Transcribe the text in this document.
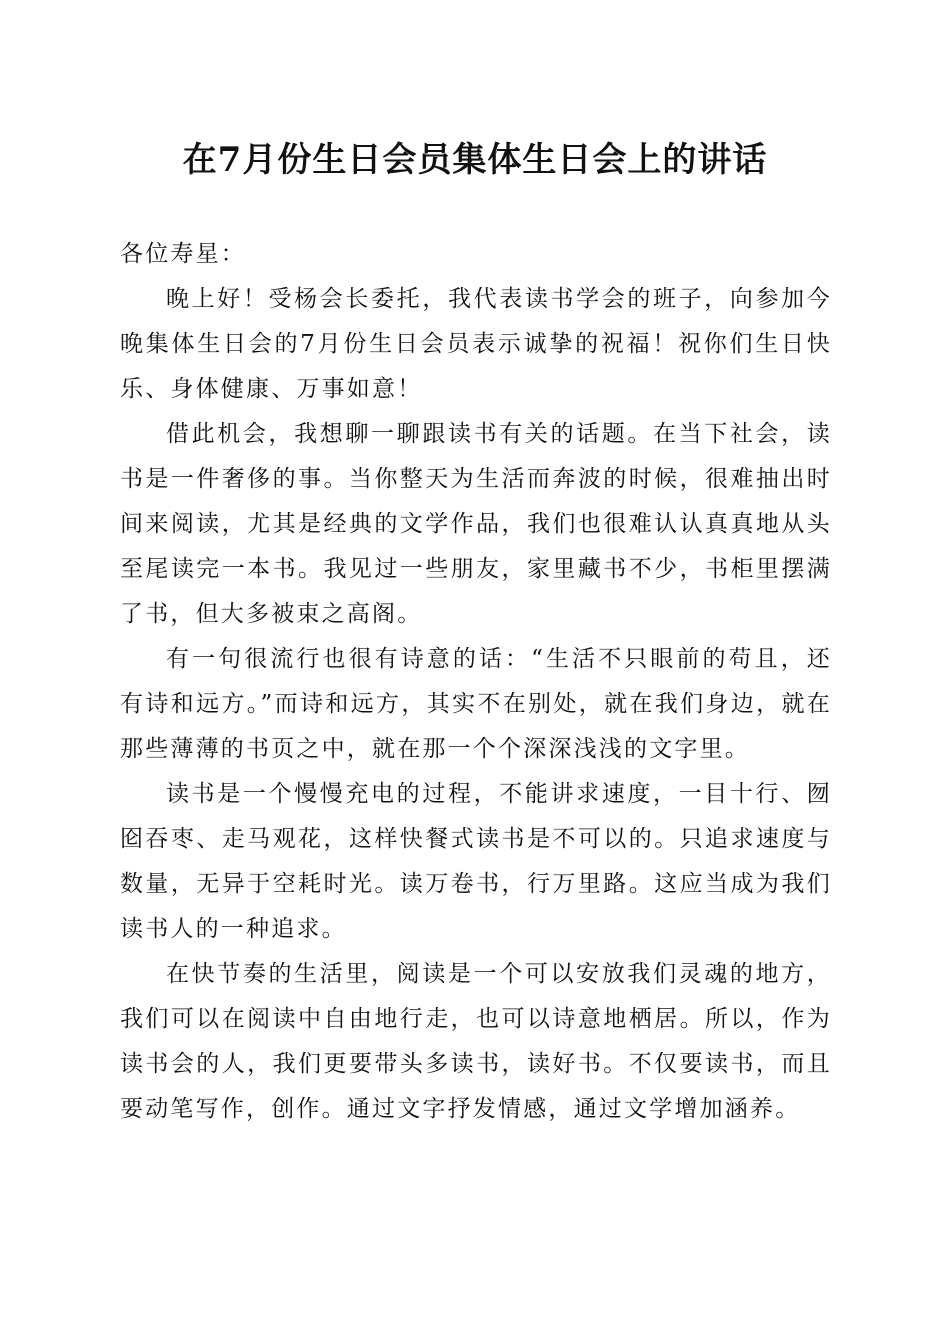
在7月份生日会员集体生日会上的讲话

各位寿星：

晚上好！受杨会长委托，我代表读书学会的班子，向参加今晚集体生日会的7月份生日会员表示诚挚的祝福！祝你们生日快乐、身体健康、万事如意！

借此机会，我想聊一聊跟读书有关的话题。在当下社会，读书是一件奢侈的事。当你整天为生活而奔波的时候，很难抽出时间来阅读，尤其是经典的文学作品，我们也很难认认真真地从头至尾读完一本书。我见过一些朋友，家里藏书不少，书柜里摆满了书，但大多被束之高阁。

有一句很流行也很有诗意的话：“生活不只眼前的苟且，还有诗和远方。”而诗和远方，其实不在别处，就在我们身边，就在那些薄薄的书页之中，就在那一个个深深浅浅的文字里。

读书是一个慢慢充电的过程，不能讲求速度，一目十行、囫囵吞枣、走马观花，这样快餐式读书是不可以的。只追求速度与数量，无异于空耗时光。读万卷书，行万里路。这应当成为我们读书人的一种追求。

在快节奏的生活里，阅读是一个可以安放我们灵魂的地方，我们可以在阅读中自由地行走，也可以诗意地栖居。所以，作为读书会的人，我们更要带头多读书，读好书。不仅要读书，而且要动笔写作，创作。通过文字抒发情感，通过文学增加涵养。
